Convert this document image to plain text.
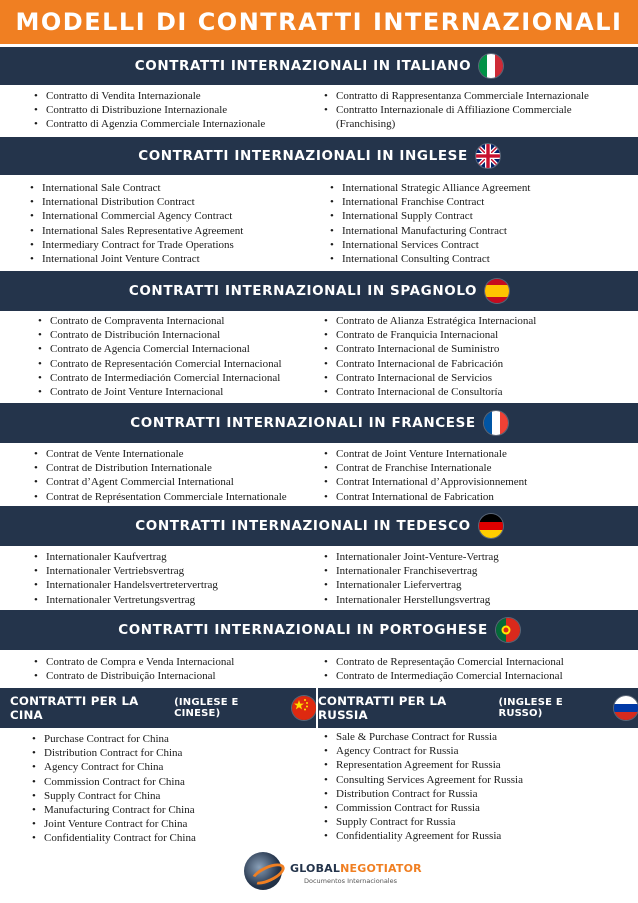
MODELLI DI CONTRATTI INTERNAZIONALI
CONTRATTI INTERNAZIONALI IN ITALIANO
• Contratto di Vendita Internazionale
• Contratto di Distribuzione Internazionale
• Contratto di Agenzia Commerciale Internazionale
• Contratto di Rappresentanza Commerciale Internazionale
• Contratto Internazionale di Affiliazione Commerciale
(Franchising)
CONTRATTI INTERNAZIONALI IN INGLESE
• International Sale Contract
• International Distribution Contract
• International Commercial Agency Contract
• International Sales Representative Agreement
• Intermediary Contract for Trade Operations
• International Joint Venture Contract
• International Strategic Alliance Agreement
• International Franchise Contract
• International Supply Contract
• International Manufacturing Contract
• International Services Contract
• International Consulting Contract
CONTRATTI INTERNAZIONALI IN SPAGNOLO
• Contrato de Compraventa Internacional
• Contrato de Distribución Internacional
• Contrato de Agencia Comercial Internacional
• Contrato de Representación Comercial Internacional
• Contrato de Intermediación Comercial Internacional
• Contrato de Joint Venture Internacional
• Contrato de Alianza Estratégica Internacional
• Contrato de Franquicia Internacional
• Contrato Internacional de Suministro
• Contrato Internacional de Fabricación
• Contrato Internacional de Servicios
• Contrato Internacional de Consultoría
CONTRATTI INTERNAZIONALI IN FRANCESE
• Contrat de Vente Internationale
• Contrat de Distribution Internationale
• Contrat d’Agent Commercial International
• Contrat de Représentation Commerciale Internationale
• Contrat de Joint Venture Internationale
• Contrat de Franchise Internationale
• Contrat International d’Approvisionnement
• Contrat International de Fabrication
CONTRATTI INTERNAZIONALI IN TEDESCO
• Internationaler Kaufvertrag
• Internationaler Vertriebsvertrag
• Internationaler Handelsvertretervertrag
• Internationaler Vertretungsvertrag
• Internationaler Joint-Venture-Vertrag
• Internationaler Franchisevertrag
• Internationaler Liefervertrag
• Internationaler Herstellungsvertrag
CONTRATTI INTERNAZIONALI IN PORTOGHESE
• Contrato de Compra e Venda Internacional
• Contrato de Distribuição Internacional
• Contrato de Representação Comercial Internacional
• Contrato de Intermediação Comercial Internacional
CONTRATTI PER LA CINA
(INGLESE E CINESE)
CONTRATTI PER LA RUSSIA
(INGLESE E RUSSO)
• Purchase Contract for China
• Distribution Contract for China
• Agency Contract for China
• Commission Contract for China
• Supply Contract for China
• Manufacturing Contract for China
• Joint Venture Contract for China
• Confidentiality Contract for China
• Sale & Purchase Contract for Russia
• Agency Contract for Russia
• Representation Agreement for Russia
• Consulting Services Agreement for Russia
• Distribution Contract for Russia
• Commission Contract for Russia
• Supply Contract for Russia
• Confidentiality Agreement for Russia
GLOBALNEGOTIATOR
Documentos Internacionales
